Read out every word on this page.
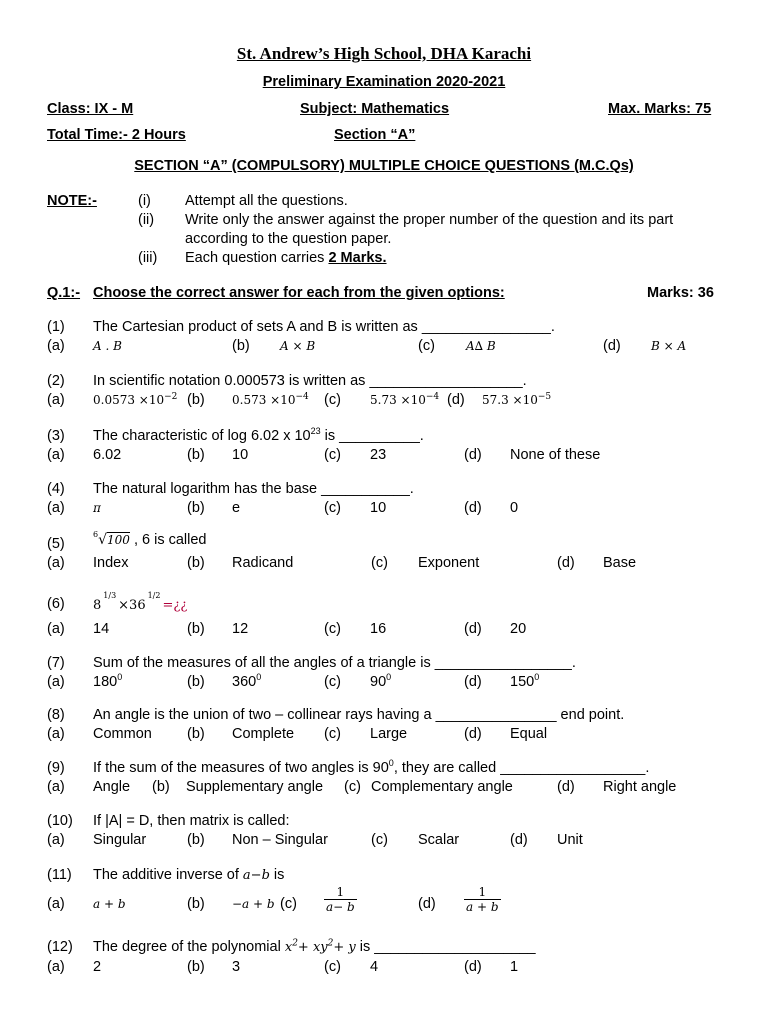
St. Andrew’s High School, DHA Karachi
Preliminary Examination 2020-2021
Class: IX - M	Subject: Mathematics	Max. Marks: 75
Total Time:- 2 Hours	Section “A”
SECTION “A” (COMPULSORY) MULTIPLE CHOICE QUESTIONS (M.C.Qs)
NOTE:-	(i) Attempt all the questions.
(ii) Write only the answer against the proper number of the question and its part
according to the question paper.
(iii) Each question carries 2 Marks.
Q.1:- Choose the correct answer for each from the given options:	Marks: 36
(1) The Cartesian product of sets A and B is written as ________________.
(a) A . B	(b)	A × B	(c)	A∆ B	(d)	B × A
(2) In scientific notation 0.000573 is written as ___________________.
(a) $0.0573 \times 10^{-2}$ (b) $0.573 \times 10^{-4}$ (c) $5.73 \times 10^{-4}$ (d) $57.3 \times 10^{-5}$
(3) The characteristic of log 6.02 x $10^{23}$ is __________.
(a) 6.02	(b) 10	(c) 23	(d) None of these
(4) The natural logarithm has the base ___________.
(a) π	(b) e	(c) 10	(d) 0
(5)
$^6$√100 , 6 is called
(a) Index	(b) Radicand	(c) Exponent	(d) Base
(6) 8
1/3
×36
1/2
=¿¿
(a) 14	(b) 12	(c) 16	(d) 20
(7) Sum of the measures of all the angles of a triangle is _________________.
(a) $180^0$	(b) $360^0$	(c) $90^0$	(d) $150^0$
(8) An angle is the union of two – collinear rays having a _______________ end point.
(a) Common (b) Complete (c) Large	(d) Equal
(9) If the sum of the measures of two angles is $90^0$, they are called __________________.
(a) Angle (b) Supplementary angle (c) Complementary angle	(d) Right angle
(10) If |A| = D, then matrix is called:
(a) Singular	(b) Non – Singular	(c) Scalar	(d) Unit
(11) The additive inverse of a−b is
(a) a + b	(b) −a + b $(c) \frac{1}{a- b}$	$(d) \frac{1}{a + b}$
(12) The degree of the polynomial $x^2+ xy^2+ y$ is ____________________
(a) 2	(b) 3	(c) 4	(d) 1
